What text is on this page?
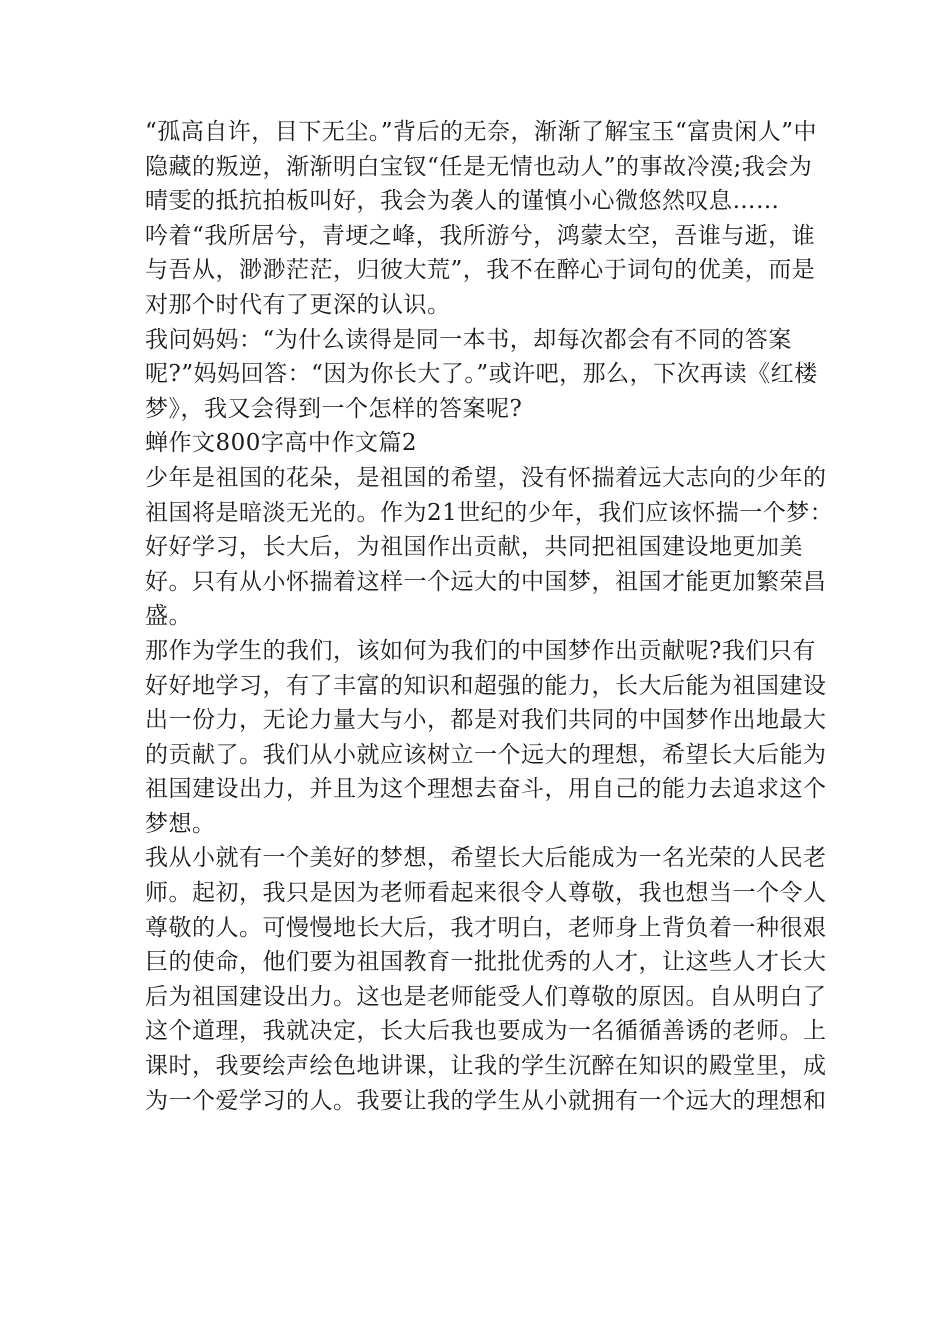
“孤高自许，目下无尘。”背后的无奈，渐渐了解宝玉“富贵闲人”中隐藏的叛逆，渐渐明白宝钗“任是无情也动人”的事故冷漠;我会为晴雯的抵抗拍板叫好，我会为袭人的谨慎小心微悠然叹息……

吟着“我所居兮，青埂之峰，我所游兮，鸿蒙太空，吾谁与逝，谁与吾从，渺渺茫茫，归彼大荒”，我不在醉心于词句的优美，而是对那个时代有了更深的认识。

我问妈妈：“为什么读得是同一本书，却每次都会有不同的答案呢?”妈妈回答：“因为你长大了。”或许吧，那么，下次再读《红楼梦》，我又会得到一个怎样的答案呢?

蝉作文800字高中作文篇2

少年是祖国的花朵，是祖国的希望，没有怀揣着远大志向的少年的祖国将是暗淡无光的。作为21世纪的少年，我们应该怀揣一个梦：好好学习，长大后，为祖国作出贡献，共同把祖国建设地更加美好。只有从小怀揣着这样一个远大的中国梦，祖国才能更加繁荣昌盛。

那作为学生的我们，该如何为我们的中国梦作出贡献呢?我们只有好好地学习，有了丰富的知识和超强的能力，长大后能为祖国建设出一份力，无论力量大与小，都是对我们共同的中国梦作出地最大的贡献了。我们从小就应该树立一个远大的理想，希望长大后能为祖国建设出力，并且为这个理想去奋斗，用自己的能力去追求这个梦想。

我从小就有一个美好的梦想，希望长大后能成为一名光荣的人民老师。起初，我只是因为老师看起来很令人尊敬，我也想当一个令人尊敬的人。可慢慢地长大后，我才明白，老师身上背负着一种很艰巨的使命，他们要为祖国教育一批批优秀的人才，让这些人才长大后为祖国建设出力。这也是老师能受人们尊敬的原因。自从明白了这个道理，我就决定，长大后我也要成为一名循循善诱的老师。上课时，我要绘声绘色地讲课，让我的学生沉醉在知识的殿堂里，成为一个爱学习的人。我要让我的学生从小就拥有一个远大的理想和
